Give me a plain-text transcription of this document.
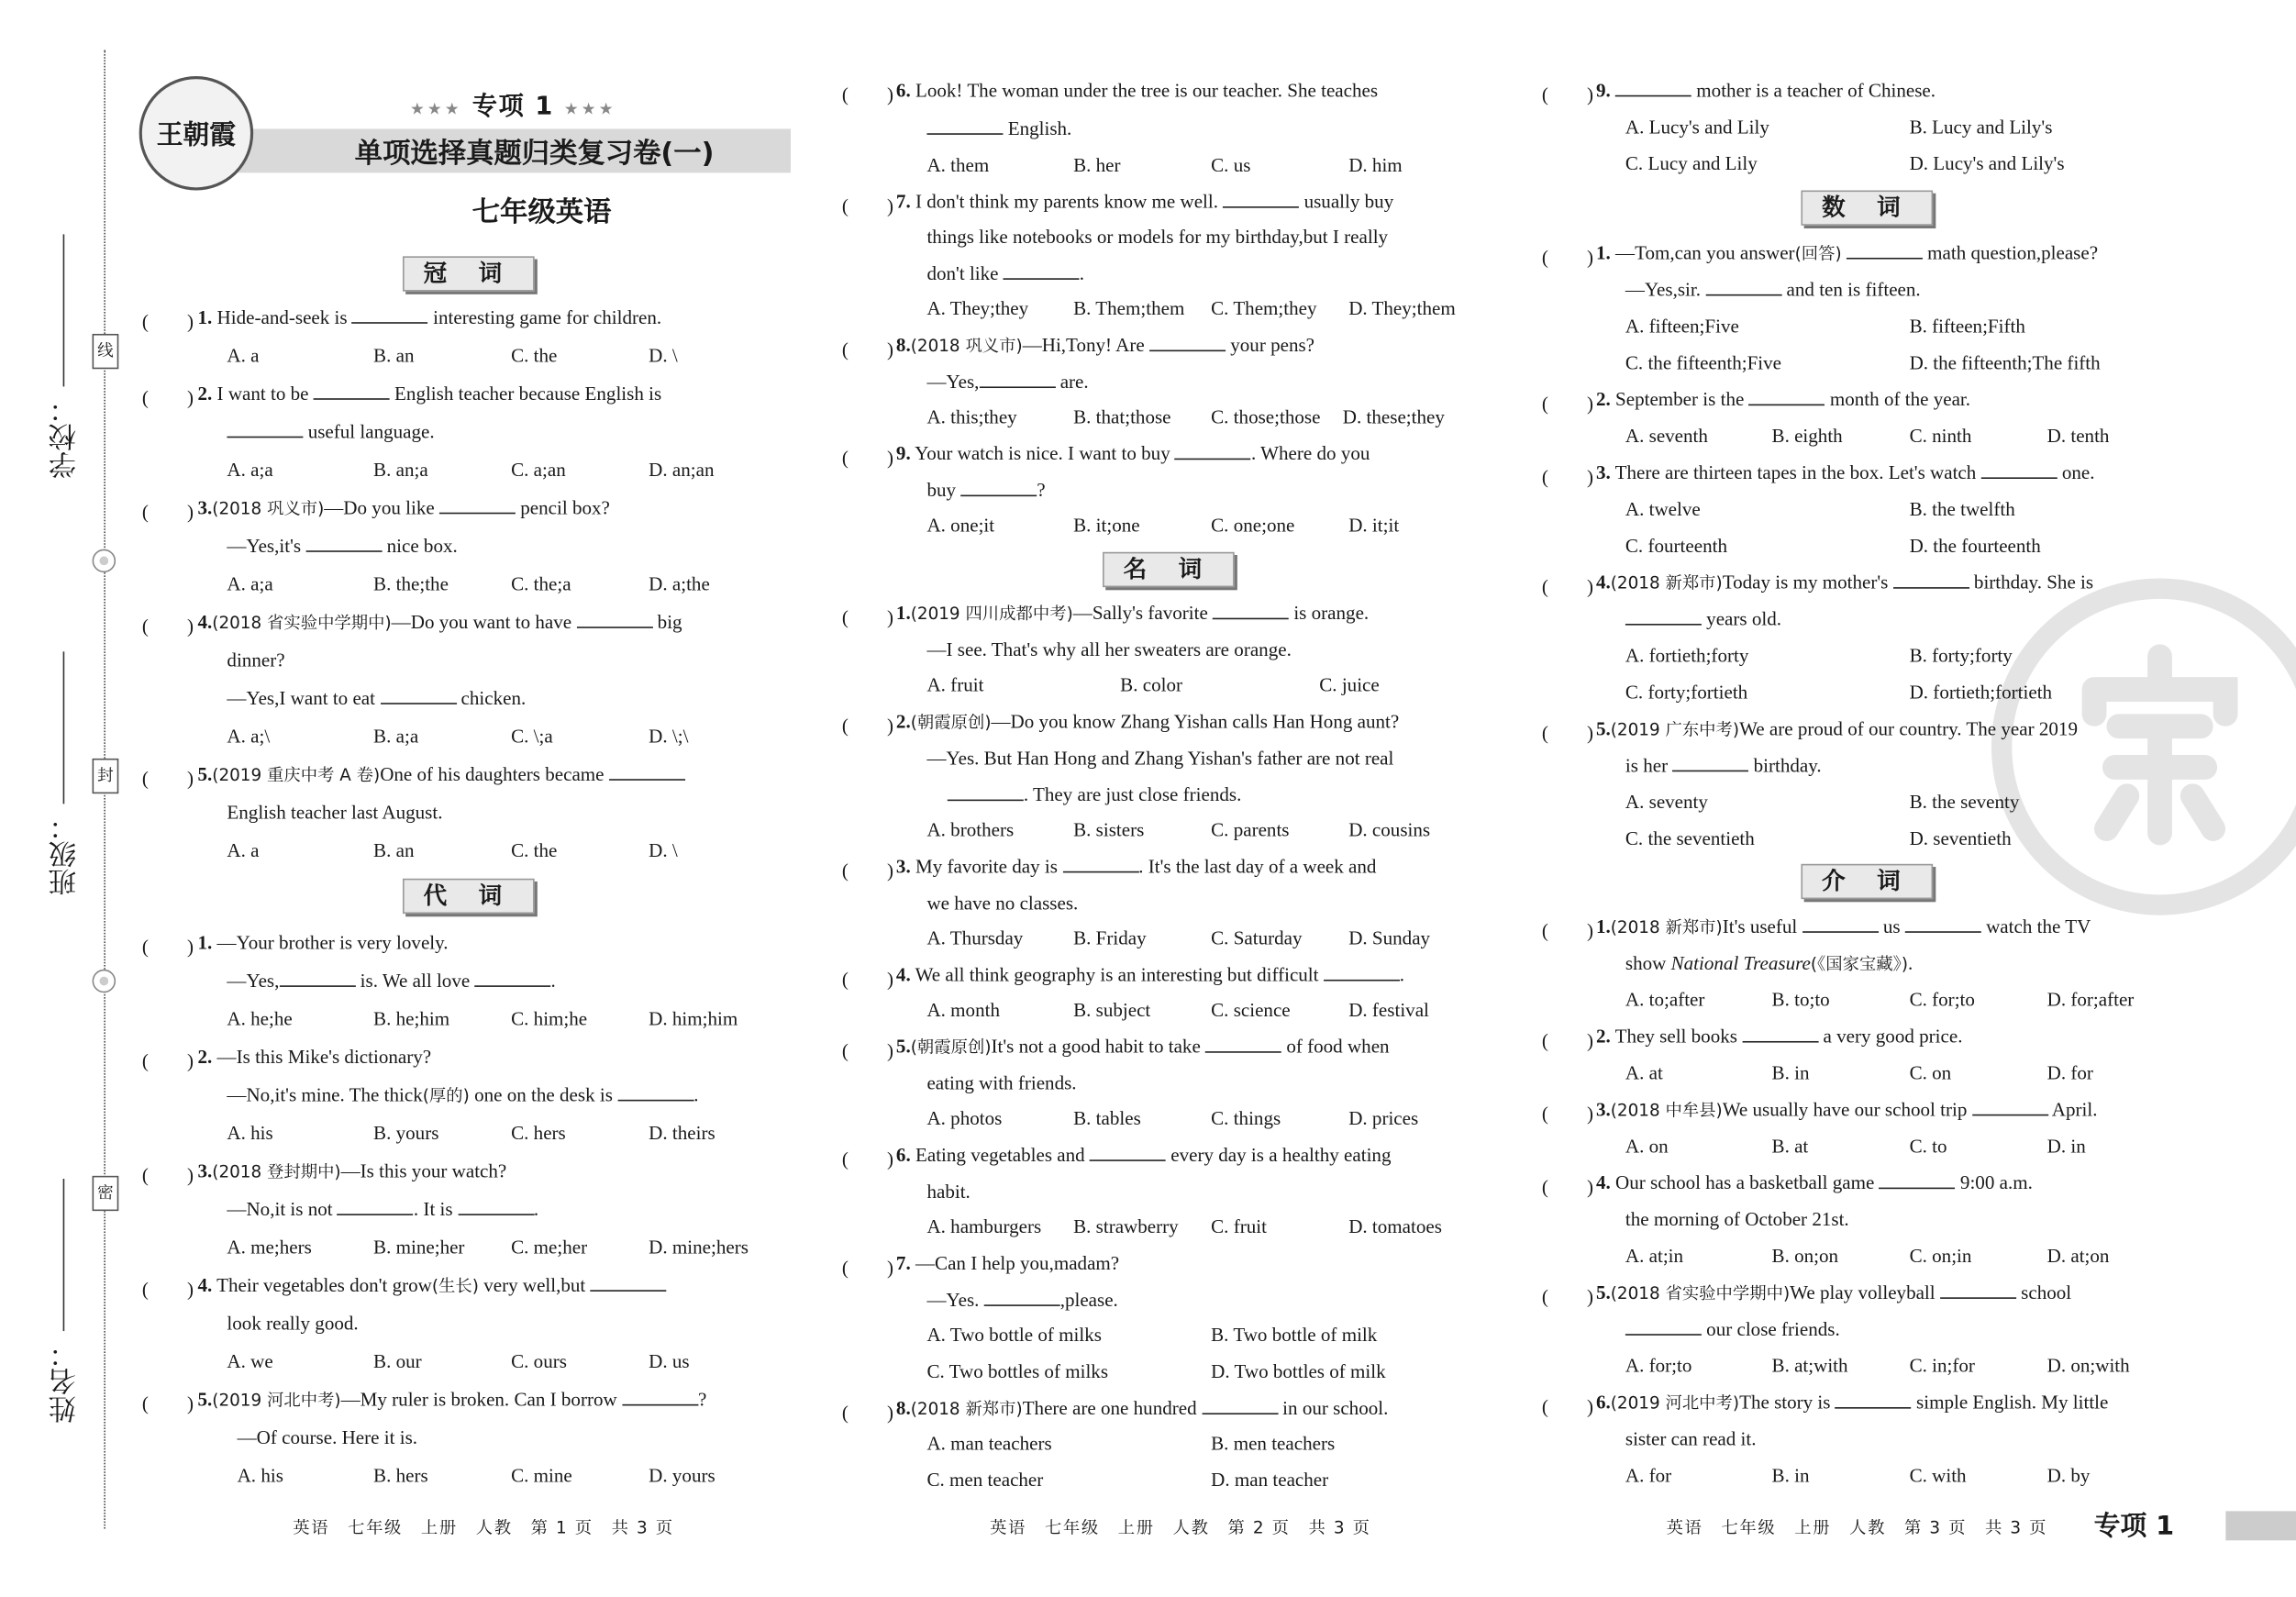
学校：
班级：
姓名：
线
封
密
王朝霞
★★★ 专项 1 ★★★
单项选择真题归类复习卷(一)
七年级英语
冠 词
代 词
名 词
数 词
介 词
(　　) 1. Hide-and-seek is	interesting game for children.
A. a	B. an	C. the	D. \
(　　) 2. I want to be	English teacher because English is
useful language.
A. a;a	B. an;a	C. a;an	D. an;an
(　　) 3.(2018 巩义市)—Do you like	pencil box?
—Yes,it's	nice box.
A. a;a	B. the;the	C. the;a	D. a;the
(　　) 4.(2018 省实验中学期中)—Do you want to have	big
dinner?
—Yes,I want to eat	chicken.
A. a;\	B. a;a	C. \;a	D. \;\
(　　) 5.(2019 重庆中考 A 卷)One of his daughters became
English teacher last August.
A. a	B. an	C. the	D. \
(　　) 1. —Your brother is very lovely.
—Yes,	is. We all love	.
A. he;he	B. he;him	C. him;he	D. him;him
(　　) 2. —Is this Mike's dictionary?
—No,it's mine. The thick(厚的) one on the desk is	.
A. his	B. yours	C. hers	D. theirs
(　　) 3.(2018 登封期中)—Is this your watch?
—No,it is not	. It is	.
A. me;hers	B. mine;her	C. me;her	D. mine;hers
(　　) 4. Their vegetables don't grow(生长) very well,but
look really good.
A. we	B. our	C. ours	D. us
(　　) 5.(2019 河北中考)—My ruler is broken. Can I borrow	?
—Of course. Here it is.
A. his	B. hers	C. mine	D. yours
(　　) 6. Look! The woman under the tree is our teacher. She teaches
English.
A. them	B. her	C. us	D. him
(　　) 7. I don't think my parents know me well.	usually buy
things like notebooks or models for my birthday,but I really
don't like	.
A. They;they	B. Them;them C. Them;they	D. They;them
(　　) 8.(2018 巩义市)—Hi,Tony! Are	your pens?
—Yes,	are.
A. this;they	B. that;those	C. those;those D. these;they
(　　) 9. Your watch is nice. I want to buy	. Where do you
buy	?
A. one;it	B. it;one	C. one;one	D. it;it
(　　) 1.(2019 四川成都中考)—Sally's favorite	is orange.
—I see. That's why all her sweaters are orange.
A. fruit	B. color	C. juice
(　　) 2.(朝霞原创)—Do you know Zhang Yishan calls Han Hong aunt?
—Yes. But Han Hong and Zhang Yishan's father are not real
. They are just close friends.
A. brothers	B. sisters	C. parents	D. cousins
(　　) 3. My favorite day is	. It's the last day of a week and
we have no classes.
A. Thursday	B. Friday	C. Saturday	D. Sunday
(　　) 4. We all think geography is an interesting but difficult	.
A. month	B. subject	C. science	D. festival
(　　) 5.(朝霞原创)It's not a good habit to take	of food when
eating with friends.
A. photos	B. tables	C. things	D. prices
(　　) 6. Eating vegetables and	every day is a healthy eating
habit.
A. hamburgers	B. strawberry	C. fruit	D. tomatoes
(　　) 7. —Can I help you,madam?
—Yes.	,please.
A. Two bottle of milks	B. Two bottle of milk
C. Two bottles of milks	D. Two bottles of milk
(　　) 8.(2018 新郑市)There are one hundred	in our school.
A. man teachers	B. men teachers
C. men teacher	D. man teacher
(　　) 9.	mother is a teacher of Chinese.
A. Lucy's and Lily	B. Lucy and Lily's
C. Lucy and Lily	D. Lucy's and Lily's
(　　) 1. —Tom,can you answer(回答)	math question,please?
—Yes,sir.	and ten is fifteen.
A. fifteen;Five	B. fifteen;Fifth
C. the fifteenth;Five	D. the fifteenth;The fifth
(　　) 2. September is the	month of the year.
A. seventh	B. eighth	C. ninth	D. tenth
(　　) 3. There are thirteen tapes in the box. Let's watch	one.
A. twelve	B. the twelfth
C. fourteenth	D. the fourteenth
(　　) 4.(2018 新郑市)Today is my mother's	birthday. She is
years old.
A. fortieth;forty	B. forty;forty
C. forty;fortieth	D. fortieth;fortieth
(　　) 5.(2019 广东中考)We are proud of our country. The year 2019
is her	birthday.
A. seventy	B. the seventy
C. the seventieth	D. seventieth
(　　) 1.(2018 新郑市)It's useful	us	watch the TV
show National Treasure(《国家宝藏》).
A. to;after	B. to;to	C. for;to	D. for;after
(　　) 2. They sell books	a very good price.
A. at	B. in	C. on	D. for
(　　) 3.(2018 中牟县)We usually have our school trip	April.
A. on	B. at	C. to	D. in
(　　) 4. Our school has a basketball game	9:00 a.m.
the morning of October 21st.
A. at;in	B. on;on	C. on;in	D. at;on
(　　) 5.(2018 省实验中学期中)We play volleyball	school
our close friends.
A. for;to	B. at;with	C. in;for	D. on;with
(　　) 6.(2019 河北中考)The story is	simple English. My little
sister can read it.
A. for	B. in	C. with	D. by
英语　七年级　上册　人教　第 1 页　共 3 页	英语　七年级　上册　人教　第 2 页　共 3 页	英语　七年级　上册　人教　第 3 页　共 3 页	专项 1
